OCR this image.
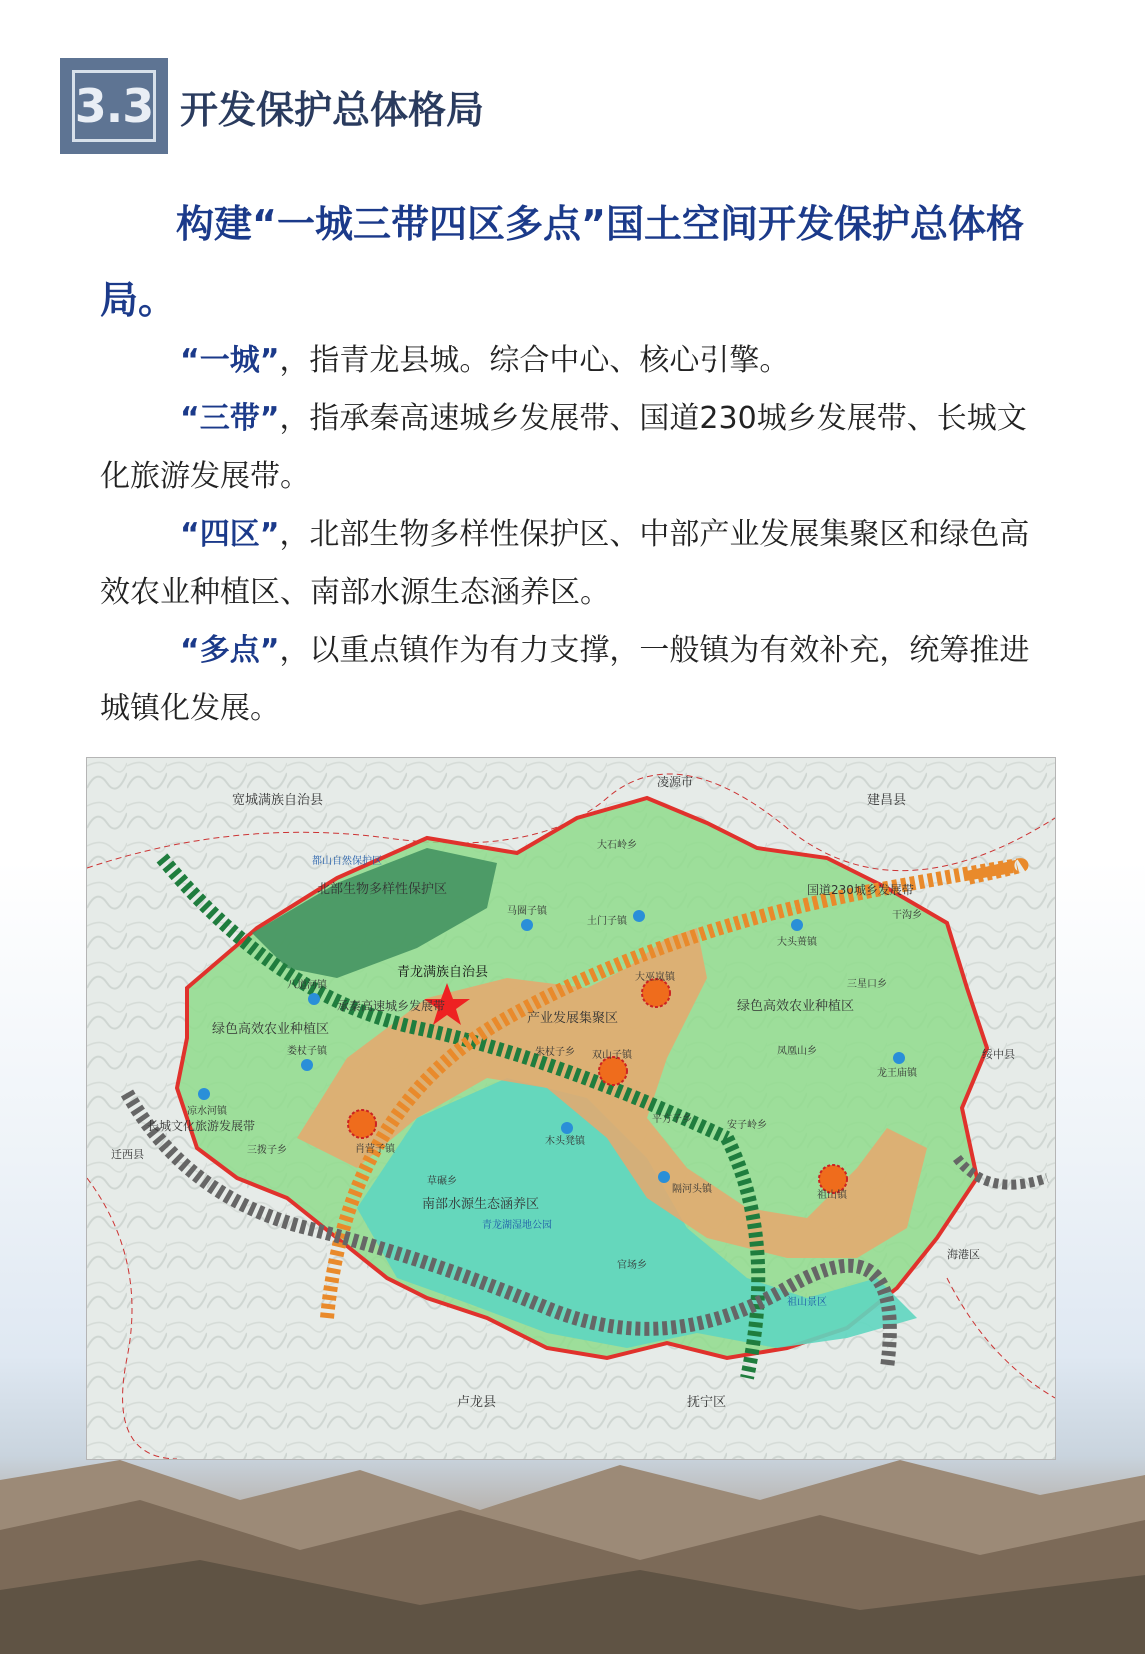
3.3 开发保护总体格局

构建“一城三带四区多点”国土空间开发保护总体格局。

“一城”，指青龙县城。综合中心、核心引擎。

“三带”，指承秦高速城乡发展带、国道230城乡发展带、长城文化旅游发展带。

“四区”，北部生物多样性保护区、中部产业发展集聚区和绿色高效农业种植区、南部水源生态涵养区。

“多点”，以重点镇作为有力支撑，一般镇为有效补充，统筹推进城镇化发展。

凌源市
宽城满族自治县	建昌县
迁西县
卢龙县	抚宁区
海港区
绥中县
青龙满族自治县
北部生物多样性保护区
产业发展集聚区
绿色高效农业种植区
绿色高效农业种植区
南部水源生态涵养区
承秦高速城乡发展带
国道230城乡发展带
长城文化旅游发展带
都山自然保护区
青龙湖湿地公园
祖山景区
大巫岚镇
双山子镇
肖营子镇
祖山镇
大石岭乡
马圈子镇
土门子镇
大头蒉镇
干沟乡
三星口乡
八道河镇
娄杖子镇	朱杖子乡	凤凰山乡
龙王庙镇
凉水河镇
三拨子乡
木头凳镇
平方子乡
安子岭乡
草碾乡
隔河头镇
官场乡
